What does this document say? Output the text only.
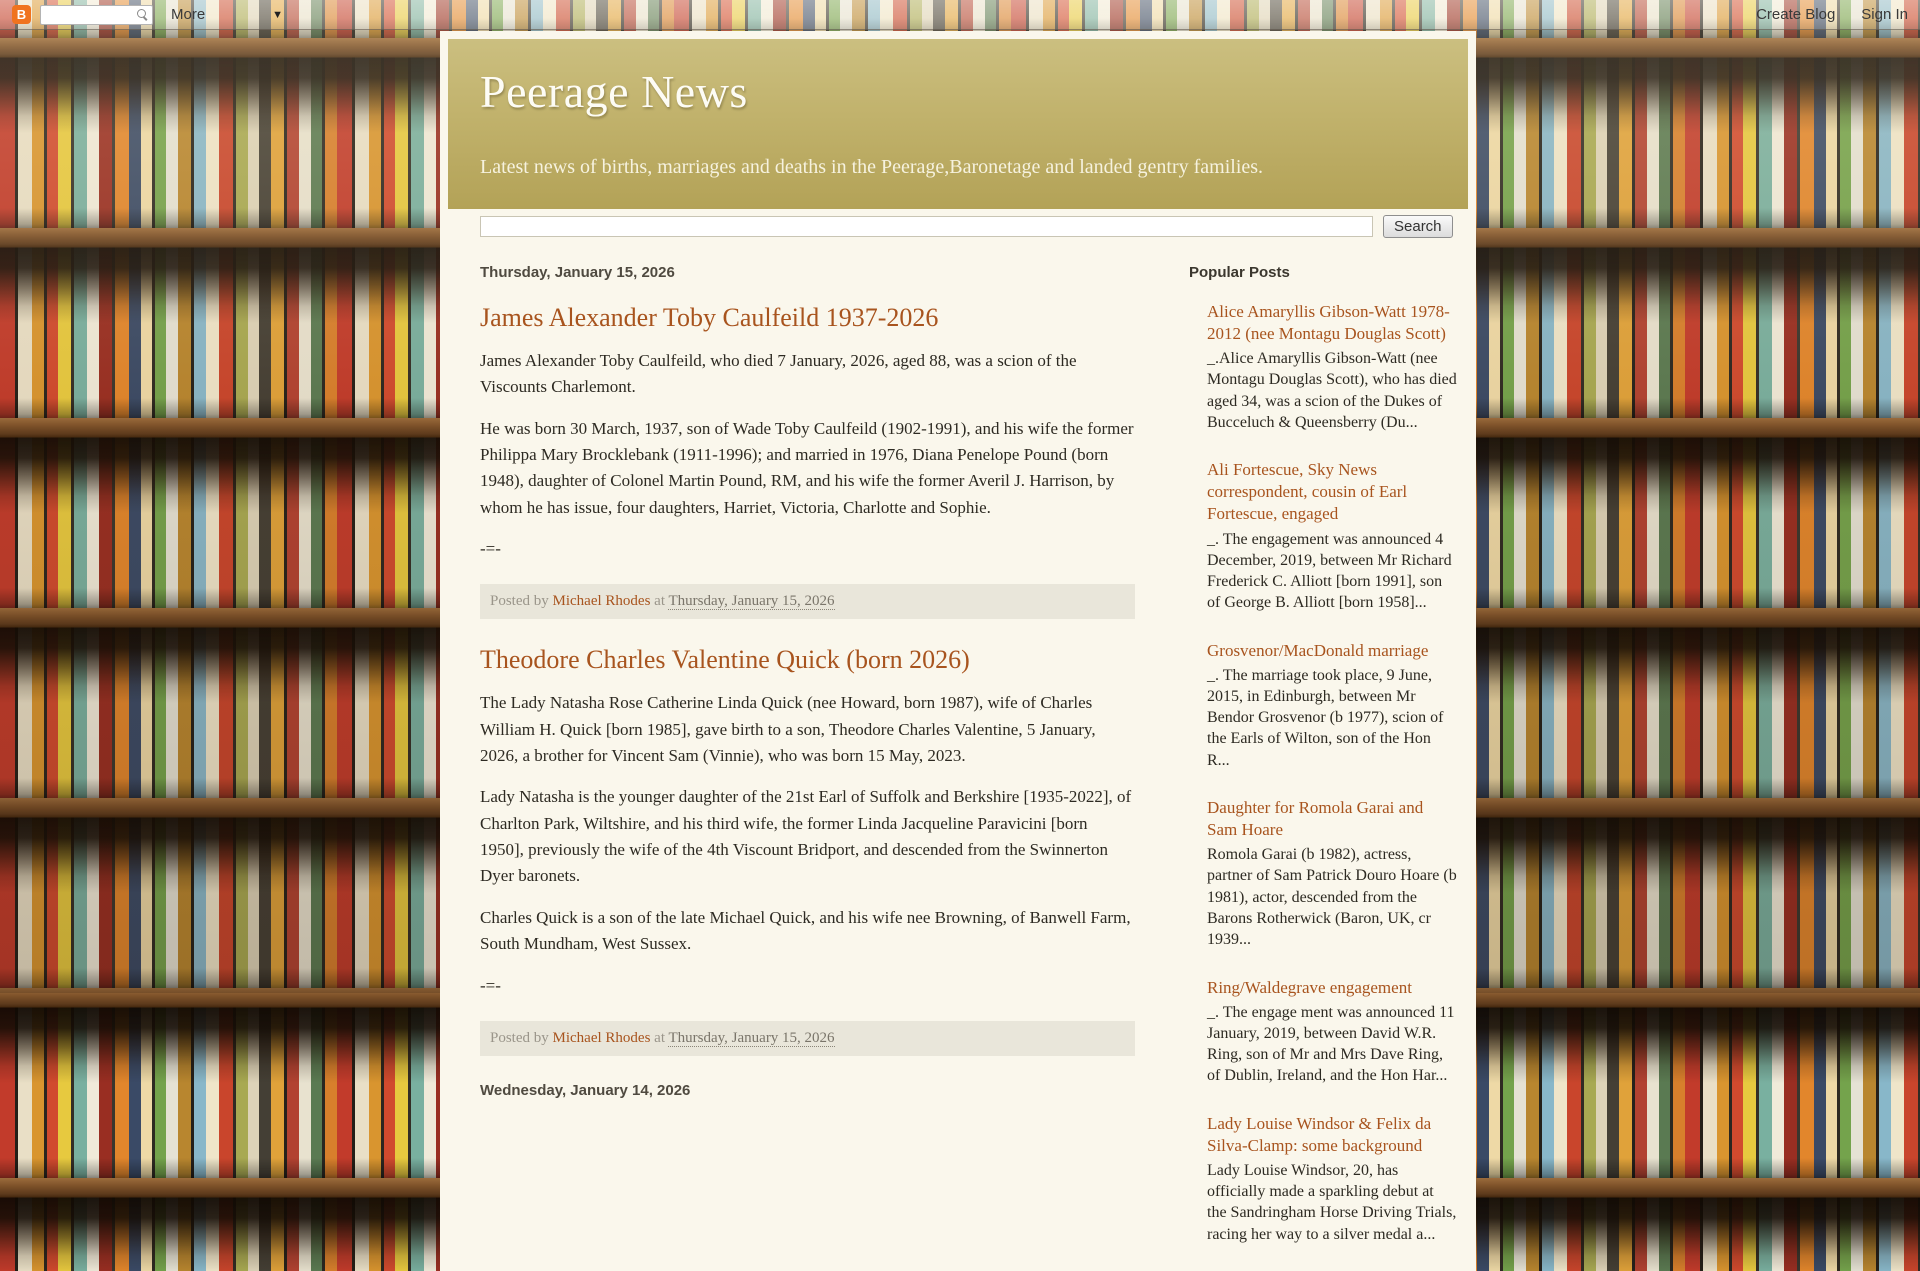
B	More	▼	Create Blog Sign In
Peerage News
Latest news of births, marriages and deaths in the Peerage,Baronetage and landed gentry families.
Search
Thursday, January 15, 2026
James Alexander Toby Caulfeild 1937-2026

James Alexander Toby Caulfeild, who died 7 January, 2026, aged 88, was a scion of the Viscounts Charlemont.

He was born 30 March, 1937, son of Wade Toby Caulfeild (1902-1991), and his wife the former Philippa Mary Brocklebank (1911-1996); and married in 1976, Diana Penelope Pound (born 1948), daughter of Colonel Martin Pound, RM, and his wife the former Averil J. Harrison, by whom he has issue, four daughters, Harriet, Victoria, Charlotte and Sophie.

-=-

Posted by Michael Rhodes at Thursday, January 15, 2026
Theodore Charles Valentine Quick (born 2026)

The Lady Natasha Rose Catherine Linda Quick (nee Howard, born 1987), wife of Charles William H. Quick [born 1985], gave birth to a son, Theodore Charles Valentine, 5 January, 2026, a brother for Vincent Sam (Vinnie), who was born 15 May, 2023.

Lady Natasha is the younger daughter of the 21st Earl of Suffolk and Berkshire [1935-2022], of Charlton Park, Wiltshire, and his third wife, the former Linda Jacqueline Paravicini [born 1950], previously the wife of the 4th Viscount Bridport, and descended from the Swinnerton Dyer baronets.

Charles Quick is a son of the late Michael Quick, and his wife nee Browning, of Banwell Farm, South Mundham, West Sussex.

-=-

Posted by Michael Rhodes at Thursday, January 15, 2026
Wednesday, January 14, 2026
Popular Posts
Alice Amaryllis Gibson-Watt 1978-2012 (nee Montagu Douglas Scott)
_.Alice Amaryllis Gibson-Watt (nee Montagu Douglas Scott), who has died aged 34, was a scion of the Dukes of Bucceluch & Queensberry (Du...
Ali Fortescue, Sky News correspondent, cousin of Earl Fortescue, engaged
_. The engagement was announced 4 December, 2019, between Mr Richard Frederick C. Alliott [born 1991], son of George B. Alliott [born 1958]...
Grosvenor/MacDonald marriage
_. The marriage took place, 9 June, 2015, in Edinburgh, between Mr Bendor Grosvenor (b 1977), scion of the Earls of Wilton, son of the Hon R...
Daughter for Romola Garai and Sam Hoare
Romola Garai (b 1982), actress, partner of Sam Patrick Douro Hoare (b 1981), actor, descended from the Barons Rotherwick (Baron, UK, cr 1939...
Ring/Waldegrave engagement
_. The engage ment was announced 11 January, 2019, between David W.R. Ring, son of Mr and Mrs Dave Ring, of Dublin, Ireland, and the Hon Har...
Lady Louise Windsor & Felix da Silva-Clamp: some background
Lady Louise Windsor, 20, has officially made a sparkling debut at the Sandringham Horse Driving Trials, racing her way to a silver medal a...
